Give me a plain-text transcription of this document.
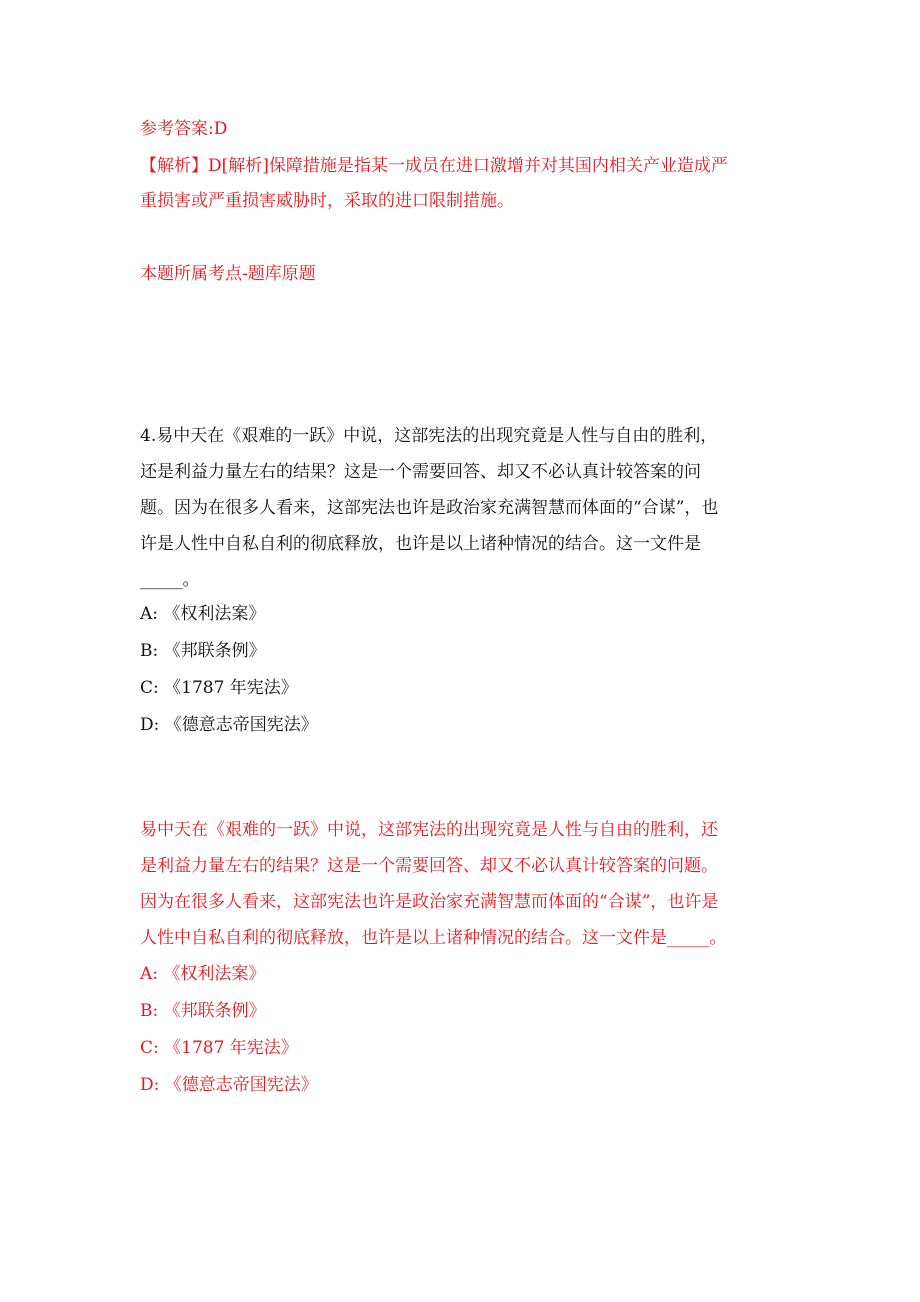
参考答案:D
【解析】D[解析]保障措施是指某一成员在进口激增并对其国内相关产业造成严
重损害或严重损害威胁时，采取的进口限制措施。
本题所属考点-题库原题
4.易中天在《艰难的一跃》中说，这部宪法的出现究竟是人性与自由的胜利，
还是利益力量左右的结果？这是一个需要回答、却又不必认真计较答案的问
题。因为在很多人看来，这部宪法也许是政治家充满智慧而体面的“合谋”，也
许是人性中自私自利的彻底释放，也许是以上诸种情况的结合。这一文件是
_____。
A: 《权利法案》
B: 《邦联条例》
C: 《1787 年宪法》
D: 《德意志帝国宪法》
易中天在《艰难的一跃》中说，这部宪法的出现究竟是人性与自由的胜利，还
是利益力量左右的结果？这是一个需要回答、却又不必认真计较答案的问题。
因为在很多人看来，这部宪法也许是政治家充满智慧而体面的“合谋”，也许是
人性中自私自利的彻底释放，也许是以上诸种情况的结合。这一文件是_____。
A: 《权利法案》
B: 《邦联条例》
C: 《1787 年宪法》
D: 《德意志帝国宪法》
